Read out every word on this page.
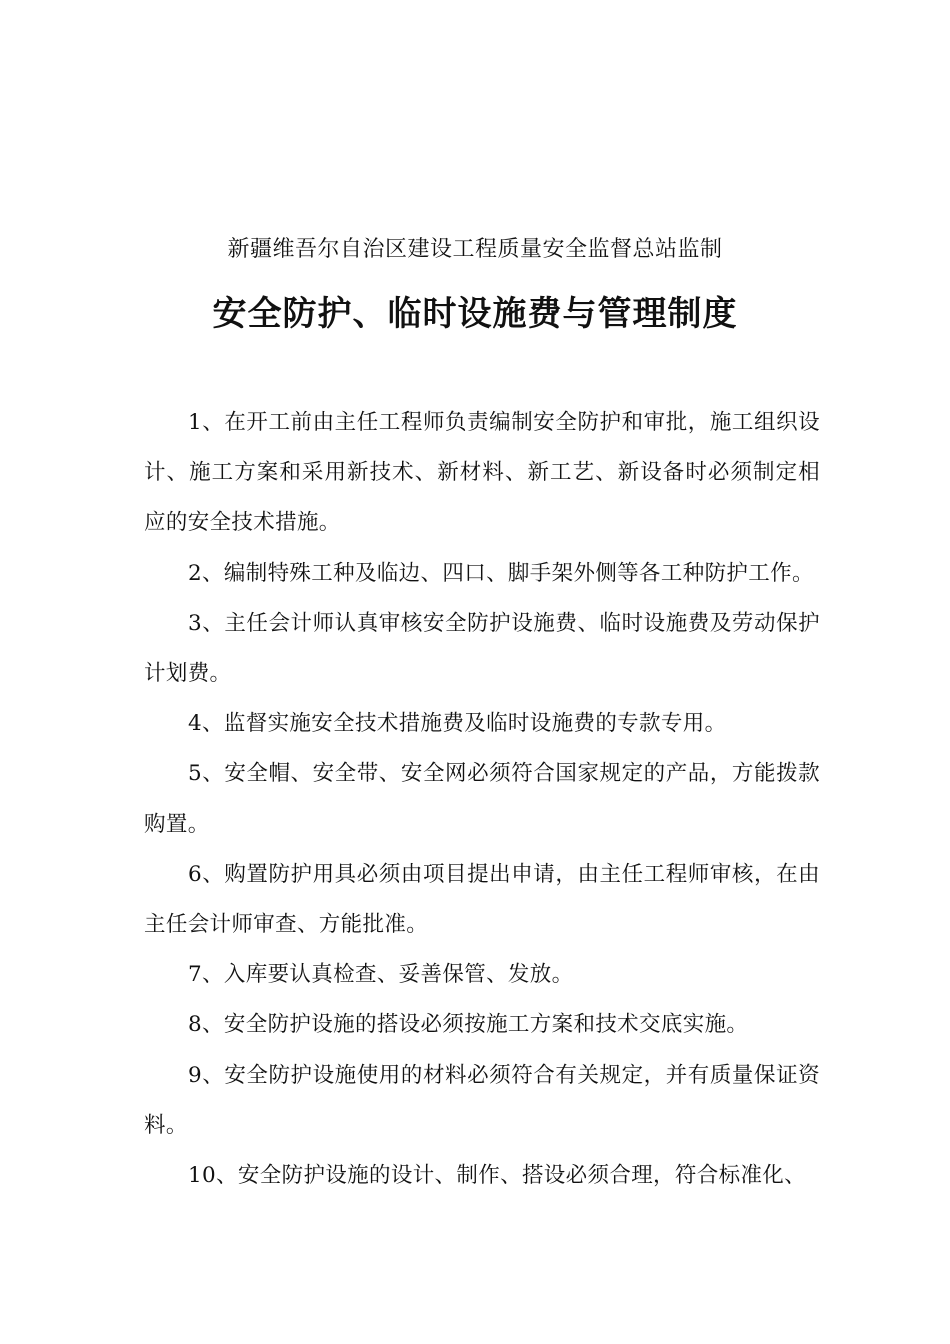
新疆维吾尔自治区建设工程质量安全监督总站监制
安全防护、临时设施费与管理制度

1、在开工前由主任工程师负责编制安全防护和审批，施工组织设计、施工方案和采用新技术、新材料、新工艺、新设备时必须制定相应的安全技术措施。

2、编制特殊工种及临边、四口、脚手架外侧等各工种防护工作。

3、主任会计师认真审核安全防护设施费、临时设施费及劳动保护计划费。

4、监督实施安全技术措施费及临时设施费的专款专用。

5、安全帽、安全带、安全网必须符合国家规定的产品，方能拨款购置。

6、购置防护用具必须由项目提出申请，由主任工程师审核，在由主任会计师审查、方能批准。

7、入库要认真检查、妥善保管、发放。

8、安全防护设施的搭设必须按施工方案和技术交底实施。

9、安全防护设施使用的材料必须符合有关规定，并有质量保证资料。

10、安全防护设施的设计、制作、搭设必须合理，符合标准化、
